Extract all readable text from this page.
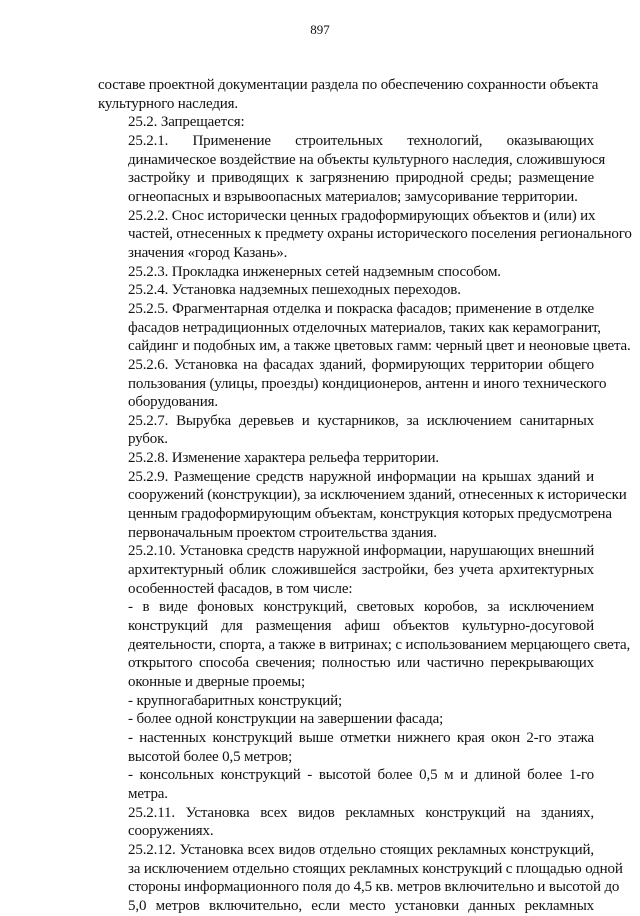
897

составе проектной документации раздела по обеспечению сохранности объекта
культурного наследия.

25.2. Запрещается:

25.2.1. Применение строительных технологий, оказывающих
динамическое воздействие на объекты культурного наследия, сложившуюся
застройку и приводящих к загрязнению природной среды; размещение
огнеопасных и взрывоопасных материалов; замусоривание территории.

25.2.2. Снос исторически ценных градоформирующих объектов и (или) их
частей, отнесенных к предмету охраны исторического поселения регионального
значения «город Казань».

25.2.3. Прокладка инженерных сетей надземным способом.

25.2.4. Установка надземных пешеходных переходов.

25.2.5. Фрагментарная отделка и покраска фасадов; применение в отделке
фасадов нетрадиционных отделочных материалов, таких как керамогранит,
сайдинг и подобных им, а также цветовых гамм: черный цвет и неоновые цвета.

25.2.6. Установка на фасадах зданий, формирующих территории общего
пользования (улицы, проезды) кондиционеров, антенн и иного технического
оборудования.

25.2.7. Вырубка деревьев и кустарников, за исключением санитарных
рубок.

25.2.8. Изменение характера рельефа территории.

25.2.9. Размещение средств наружной информации на крышах зданий и
сооружений (конструкции), за исключением зданий, отнесенных к исторически
ценным градоформирующим объектам, конструкция которых предусмотрена
первоначальным проектом строительства здания.

25.2.10. Установка средств наружной информации, нарушающих внешний
архитектурный облик сложившейся застройки, без учета архитектурных
особенностей фасадов, в том числе:

- в виде фоновых конструкций, световых коробов, за исключением
конструкций для размещения афиш объектов культурно-досуговой
деятельности, спорта, а также в витринах; с использованием мерцающего света,
открытого способа свечения; полностью или частично перекрывающих
оконные и дверные проемы;

- крупногабаритных конструкций;

- более одной конструкции на завершении фасада;

- настенных конструкций выше отметки нижнего края окон 2-го этажа
высотой более 0,5 метров;

- консольных конструкций - высотой более 0,5 м и длиной более 1-го
метра.

25.2.11. Установка всех видов рекламных конструкций на зданиях,
сооружениях.

25.2.12. Установка всех видов отдельно стоящих рекламных конструкций,
за исключением отдельно стоящих рекламных конструкций с площадью одной
стороны информационного поля до 4,5 кв. метров включительно и высотой до
5,0 метров включительно, если место установки данных рекламных
